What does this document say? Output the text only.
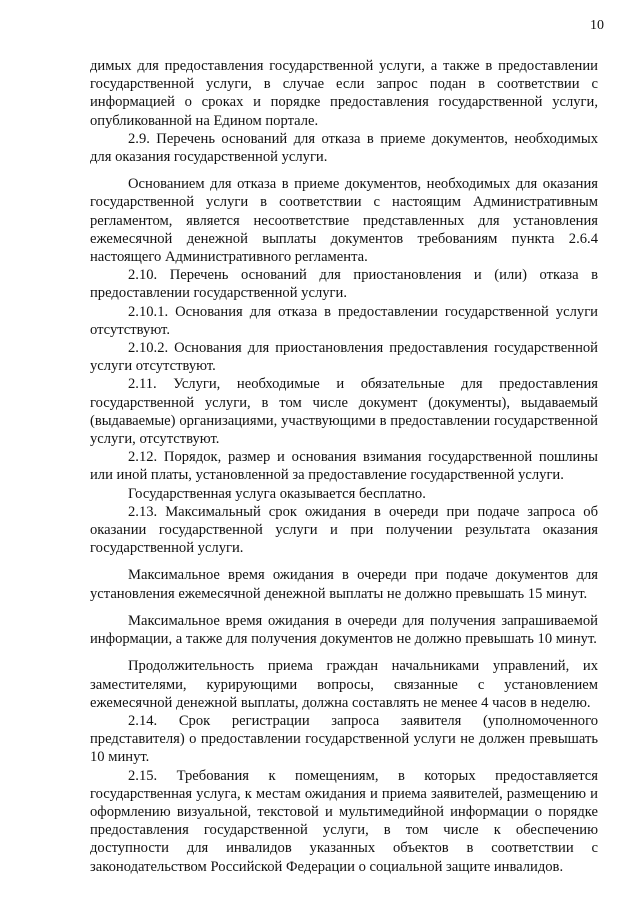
10

димых для предоставления государственной услуги, а также в предоставлении государственной услуги, в случае если запрос подан в соответствии с информацией о сроках и порядке предоставления государственной услуги, опубликованной на Едином портале.

2.9. Перечень оснований для отказа в приеме документов, необходимых для оказания государственной услуги.

Основанием для отказа в приеме документов, необходимых для оказания государственной услуги в соответствии с настоящим Административным регламентом, является несоответствие представленных для установления ежемесячной денежной выплаты документов требованиям пункта 2.6.4 настоящего Административного регламента.

2.10. Перечень оснований для приостановления и (или) отказа в предоставлении государственной услуги.

2.10.1. Основания для отказа в предоставлении государственной услуги отсутствуют.

2.10.2. Основания для приостановления предоставления государственной услуги отсутствуют.

2.11. Услуги, необходимые и обязательные для предоставления государственной услуги, в том числе документ (документы), выдаваемый (выдаваемые) организациями, участвующими в предоставлении государственной услуги, отсутствуют.

2.12. Порядок, размер и основания взимания государственной пошлины или иной платы, установленной за предоставление государственной услуги.

Государственная услуга оказывается бесплатно.

2.13. Максимальный срок ожидания в очереди при подаче запроса об оказании государственной услуги и при получении результата оказания государственной услуги.

Максимальное время ожидания в очереди при подаче документов для установления ежемесячной денежной выплаты не должно превышать 15 минут.

Максимальное время ожидания в очереди для получения запрашиваемой информации, а также для получения документов не должно превышать 10 минут.

Продолжительность приема граждан начальниками управлений, их заместителями, курирующими вопросы, связанные с установлением ежемесячной денежной выплаты, должна составлять не менее 4 часов в неделю.

2.14. Срок регистрации запроса заявителя (уполномоченного представителя) о предоставлении государственной услуги не должен превышать 10 минут.

2.15. Требования к помещениям, в которых предоставляется государственная услуга, к местам ожидания и приема заявителей, размещению и оформлению визуальной, текстовой и мультимедийной информации о порядке предоставления государственной услуги, в том числе к обеспечению доступности для инвалидов указанных объектов в соответствии с законодательством Российской Федерации о социальной защите инвалидов.
